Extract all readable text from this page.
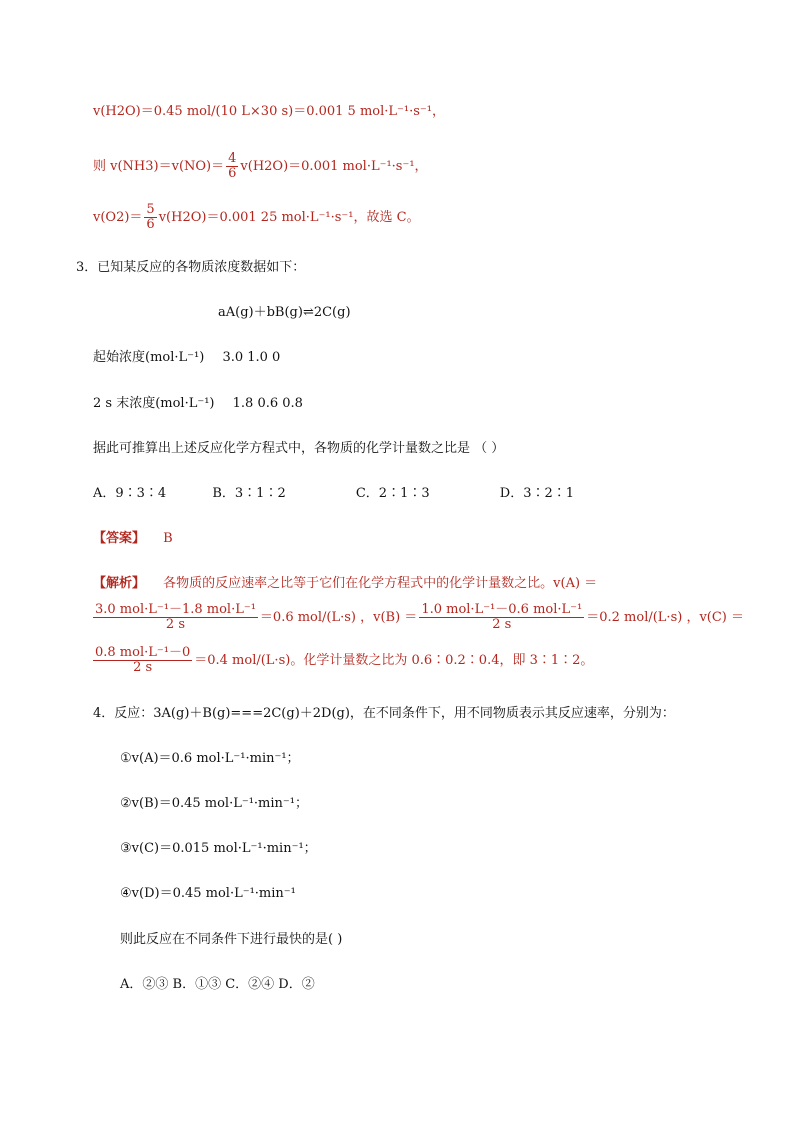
v(H2O)＝0.45 mol/(10 L×30 s)＝0.001 5 mol·L⁻¹·s⁻¹，
则 $v(NH3)=v(NO)= \frac{4}{6} v(H2O)=0.001$ mol·L⁻¹·s⁻¹，
$v(O2)= \frac{5}{6} v(H2O)=0.001$ 25 mol·L⁻¹·s⁻¹，故选 C。
3．已知某反应的各物质浓度数据如下：
aA(g)＋bB(g)⇌2C(g)
起始浓度(mol·L⁻¹) 3.0 1.0 0
2 s 末浓度(mol·L⁻¹) 1.8 0.6 0.8
据此可推算出上述反应化学方程式中，各物质的化学计量数之比是 （ ）
A．9∶3∶4	B．3∶1∶2	C．2∶1∶3	D．3∶2∶1
【答案】 B
【解析】 各物质的反应速率之比等于它们在化学方程式中的化学计量数之比。v(A) ＝
$\frac{\text{3.0 mol·L⁻¹－1.8 mol·L⁻¹}}{2 s} =0.6$ mol/(L·s) ，$v(B) = \frac{\text{1.0 mol·L⁻¹－0.6 mol·L⁻¹}}{2 s} =0.2$ mol/(L·s) ，v(C) ＝
$\frac{\text{0.8 mol·L⁻¹－0}}{2 s} =0.4$ mol/(L·s)。化学计量数之比为 0.6∶0.2∶0.4，即 3∶1∶2。
4．反应：3A(g)＋B(g)===2C(g)＋2D(g)，在不同条件下，用不同物质表示其反应速率，分别为：
①v(A)＝0.6 mol·L⁻¹·min⁻¹；
②v(B)＝0.45 mol·L⁻¹·min⁻¹；
③v(C)＝0.015 mol·L⁻¹·min⁻¹；
④v(D)＝0.45 mol·L⁻¹·min⁻¹
则此反应在不同条件下进行最快的是( )
A．②③ B．①③ C．②④ D．②
